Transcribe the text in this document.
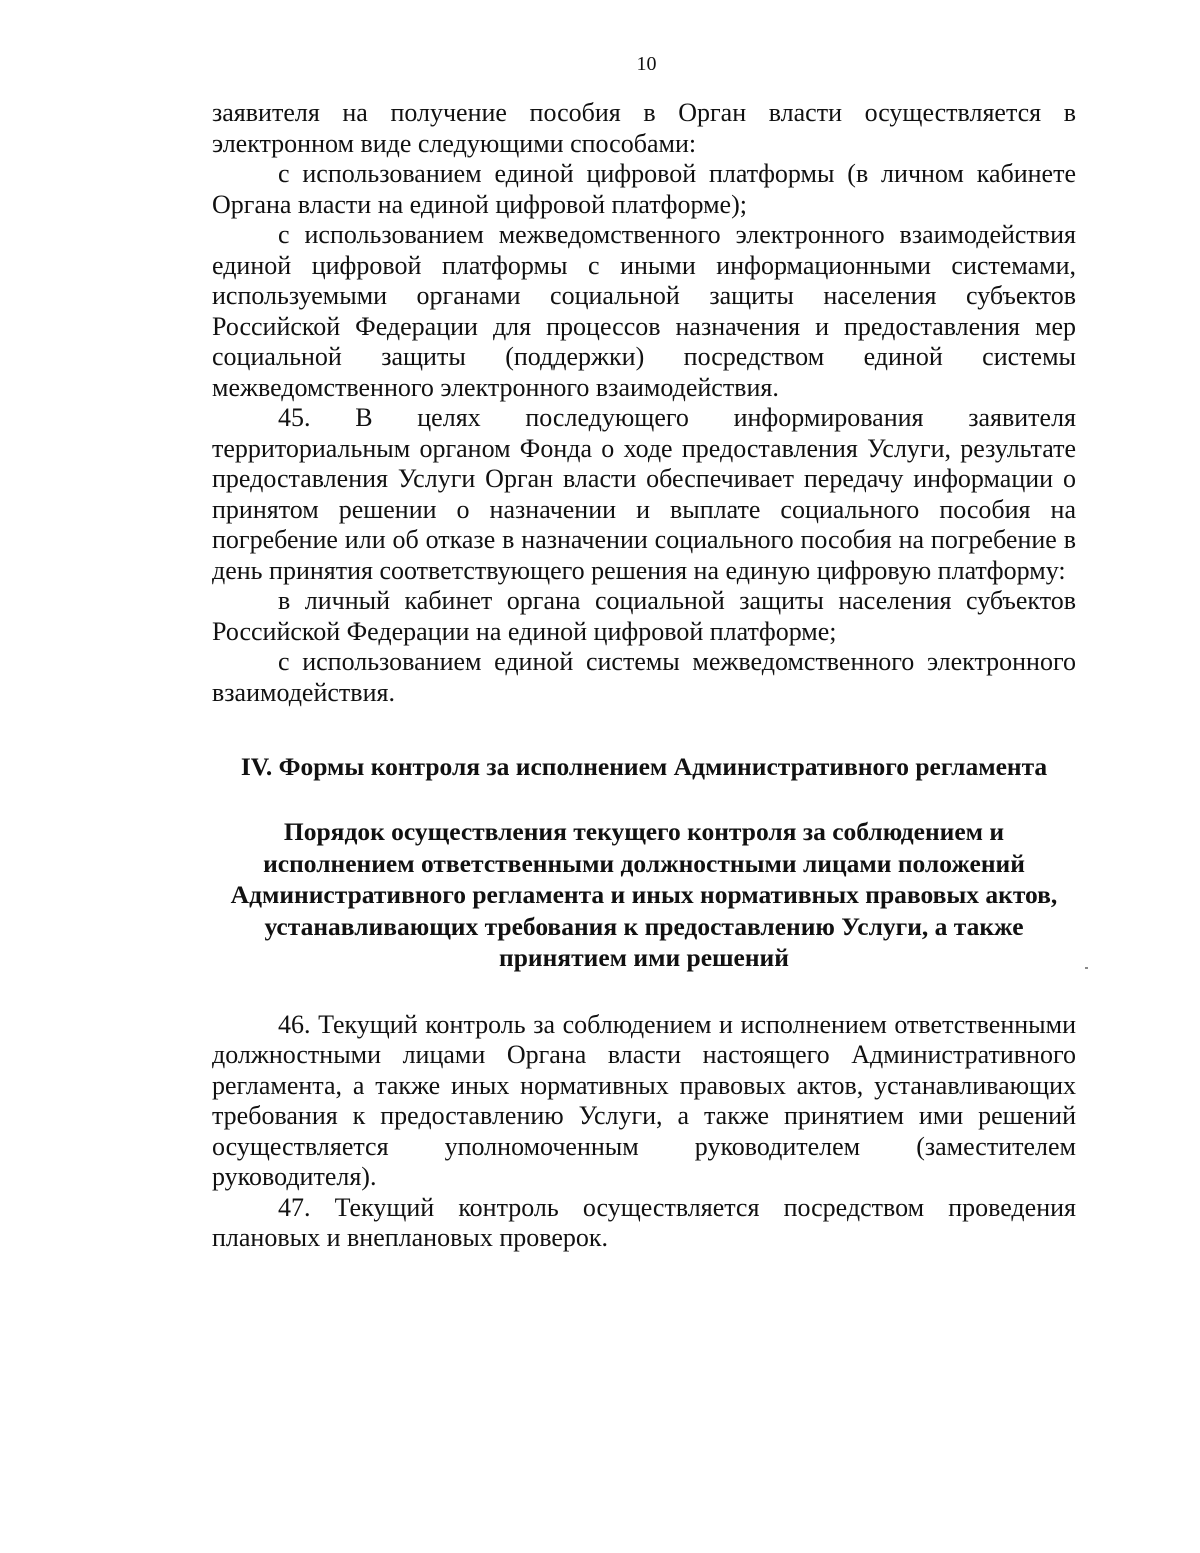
10

заявителя на получение пособия в Орган власти осуществляется в электронном виде следующими способами:

с использованием единой цифровой платформы (в личном кабинете Органа власти на единой цифровой платформе);

с использованием межведомственного электронного взаимодействия единой цифровой платформы с иными информационными системами, используемыми органами социальной защиты населения субъектов Российской Федерации для процессов назначения и предоставления мер социальной защиты (поддержки) посредством единой системы межведомственного электронного взаимодействия.

45. В целях последующего информирования заявителя территориальным органом Фонда о ходе предоставления Услуги, результате предоставления Услуги Орган власти обеспечивает передачу информации о принятом решении о назначении и выплате социального пособия на погребение или об отказе в назначении социального пособия на погребение в день принятия соответствующего решения на единую цифровую платформу:

в личный кабинет органа социальной защиты населения субъектов Российской Федерации на единой цифровой платформе;

с использованием единой системы межведомственного электронного взаимодействия.

IV. Формы контроля за исполнением Административного регламента
Порядок осуществления текущего контроля за соблюдением и исполнением ответственными должностными лицами положений Административного регламента и иных нормативных правовых актов, устанавливающих требования к предоставлению Услуги, а также принятием ими решений

46. Текущий контроль за соблюдением и исполнением ответственными должностными лицами Органа власти настоящего Административного регламента, а также иных нормативных правовых актов, устанавливающих требования к предоставлению Услуги, а также принятием ими решений осуществляется уполномоченным руководителем (заместителем руководителя).

47. Текущий контроль осуществляется посредством проведения плановых и внеплановых проверок.
